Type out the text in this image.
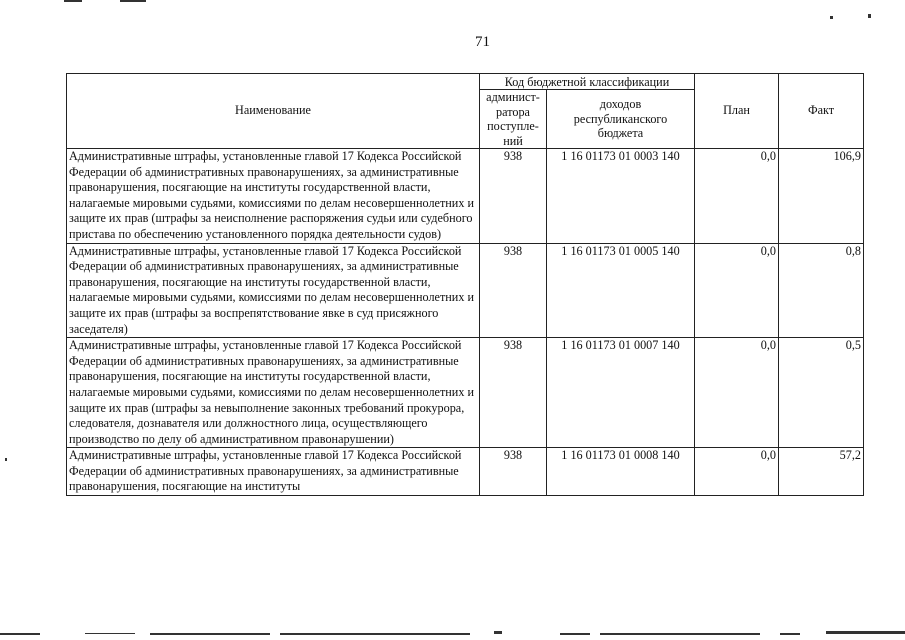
71
Наименование	Код бюджетной классификации		План	Факт
	админист-
ратора
поступле-
ний	доходов
республиканского
бюджета		
Административные штрафы, установленные главой 17 Кодекса Российской Федерации об административных правонарушениях, за административные правонарушения, посягающие на институты государственной власти, налагаемые мировыми судьями, комиссиями по делам несовершеннолетних и защите их прав (штрафы за неисполнение распоряжения судьи или судебного пристава по обеспечению установленного порядка деятельности судов)	938	1 16 01173 01 0003 140	0,0	106,9
Административные штрафы, установленные главой 17 Кодекса Российской Федерации об административных правонарушениях, за административные правонарушения, посягающие на институты государственной власти, налагаемые мировыми судьями, комиссиями по делам несовершеннолетних и защите их прав (штрафы за воспрепятствование явке в суд присяжного заседателя)	938	1 16 01173 01 0005 140	0,0	0,8
Административные штрафы, установленные главой 17 Кодекса Российской Федерации об административных правонарушениях, за административные правонарушения, посягающие на институты государственной власти, налагаемые мировыми судьями, комиссиями по делам несовершеннолетних и защите их прав (штрафы за невыполнение законных требований прокурора, следователя, дознавателя или должностного лица, осуществляющего производство по делу об административном правонарушении)	938	1 16 01173 01 0007 140	0,0	0,5
Административные штрафы, установленные главой 17 Кодекса Российской Федерации об административных правонарушениях, за административные правонарушения, посягающие на институты	938	1 16 01173 01 0008 140	0,0	57,2
